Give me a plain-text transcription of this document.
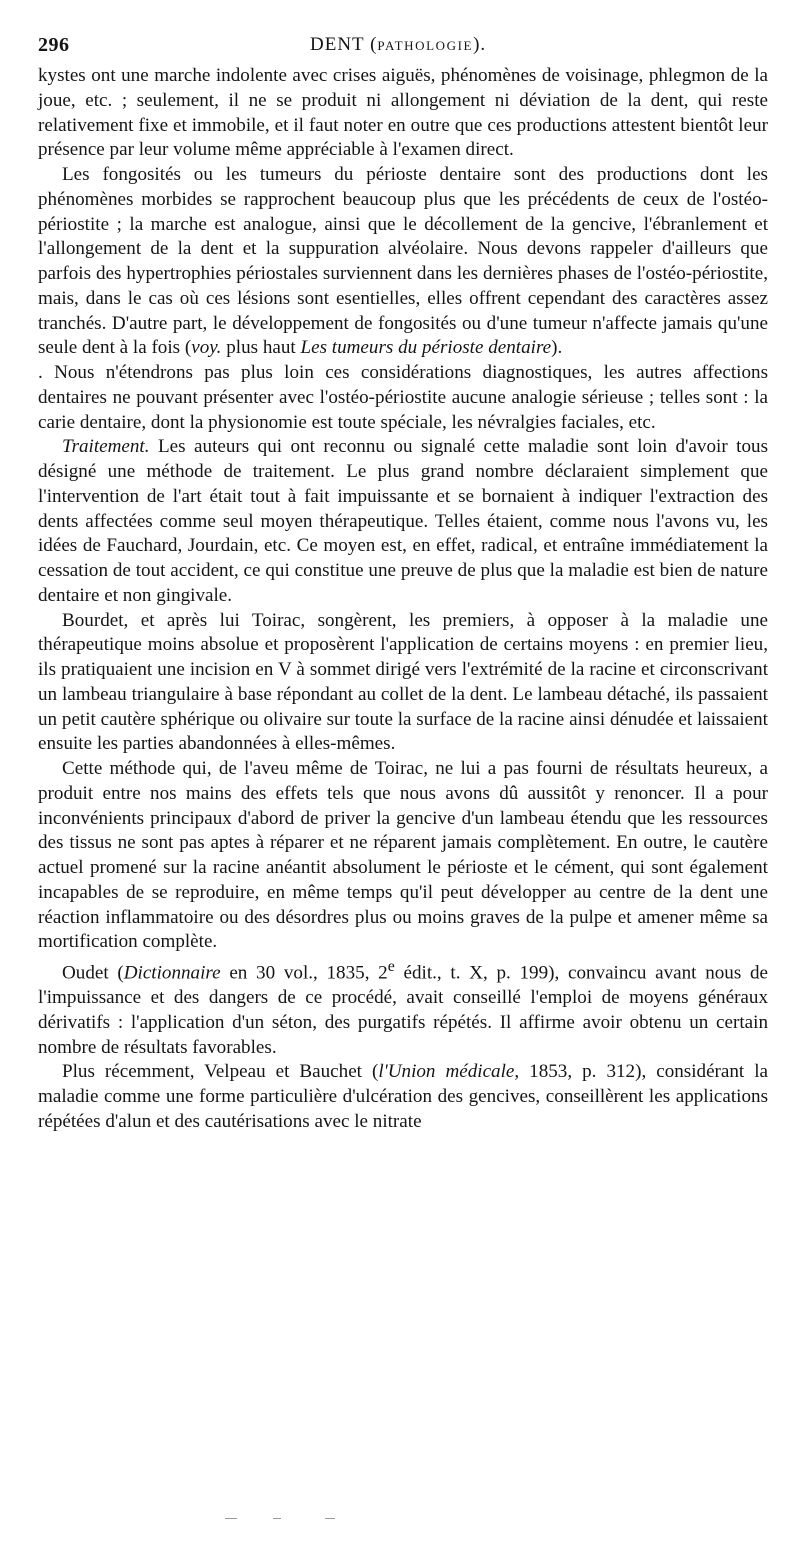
296	DENT (PATHOLOGIE).

kystes ont une marche indolente avec crises aiguës, phénomènes de voisinage, phlegmon de la joue, etc. ; seulement, il ne se produit ni allongement ni déviation de la dent, qui reste relativement fixe et immobile, et il faut noter en outre que ces productions attestent bientôt leur présence par leur volume même appréciable à l'examen direct.

Les fongosités ou les tumeurs du périoste dentaire sont des productions dont les phénomènes morbides se rapprochent beaucoup plus que les précédents de ceux de l'ostéo-périostite ; la marche est analogue, ainsi que le décollement de la gencive, l'ébranlement et l'allongement de la dent et la suppuration alvéolaire. Nous devons rappeler d'ailleurs que parfois des hypertrophies périostales surviennent dans les dernières phases de l'ostéo-périostite, mais, dans le cas où ces lésions sont esentielles, elles offrent cependant des caractères assez tranchés. D'autre part, le développement de fongosités ou d'une tumeur n'affecte jamais qu'une seule dent à la fois (voy. plus haut Les tumeurs du périoste dentaire).

. Nous n'étendrons pas plus loin ces considérations diagnostiques, les autres affections dentaires ne pouvant présenter avec l'ostéo-périostite aucune analogie sérieuse ; telles sont : la carie dentaire, dont la physionomie est toute spéciale, les névralgies faciales, etc.

Traitement. Les auteurs qui ont reconnu ou signalé cette maladie sont loin d'avoir tous désigné une méthode de traitement. Le plus grand nombre déclaraient simplement que l'intervention de l'art était tout à fait impuissante et se bornaient à indiquer l'extraction des dents affectées comme seul moyen thérapeutique. Telles étaient, comme nous l'avons vu, les idées de Fauchard, Jourdain, etc. Ce moyen est, en effet, radical, et entraîne immédiatement la cessation de tout accident, ce qui constitue une preuve de plus que la maladie est bien de nature dentaire et non gingivale.

Bourdet, et après lui Toirac, songèrent, les premiers, à opposer à la maladie une thérapeutique moins absolue et proposèrent l'application de certains moyens : en premier lieu, ils pratiquaient une incision en V à sommet dirigé vers l'extrémité de la racine et circonscrivant un lambeau triangulaire à base répondant au collet de la dent. Le lambeau détaché, ils passaient un petit cautère sphérique ou olivaire sur toute la surface de la racine ainsi dénudée et laissaient ensuite les parties abandonnées à elles-mêmes.

Cette méthode qui, de l'aveu même de Toirac, ne lui a pas fourni de résultats heureux, a produit entre nos mains des effets tels que nous avons dû aussitôt y renoncer. Il a pour inconvénients principaux d'abord de priver la gencive d'un lambeau étendu que les ressources des tissus ne sont pas aptes à réparer et ne réparent jamais complètement. En outre, le cautère actuel promené sur la racine anéantit absolument le périoste et le cément, qui sont également incapables de se reproduire, en même temps qu'il peut développer au centre de la dent une réaction inflammatoire ou des désordres plus ou moins graves de la pulpe et amener même sa mortification complète.

Oudet (Dictionnaire en 30 vol., 1835, 2e édit., t. X, p. 199), convaincu avant nous de l'impuissance et des dangers de ce procédé, avait conseillé l'emploi de moyens généraux dérivatifs : l'application d'un séton, des purgatifs répétés. Il affirme avoir obtenu un certain nombre de résultats favorables.

Plus récemment, Velpeau et Bauchet (l'Union médicale, 1853, p. 312), considérant la maladie comme une forme particulière d'ulcération des gencives, conseillèrent les applications répétées d'alun et des cautérisations avec le nitrate
